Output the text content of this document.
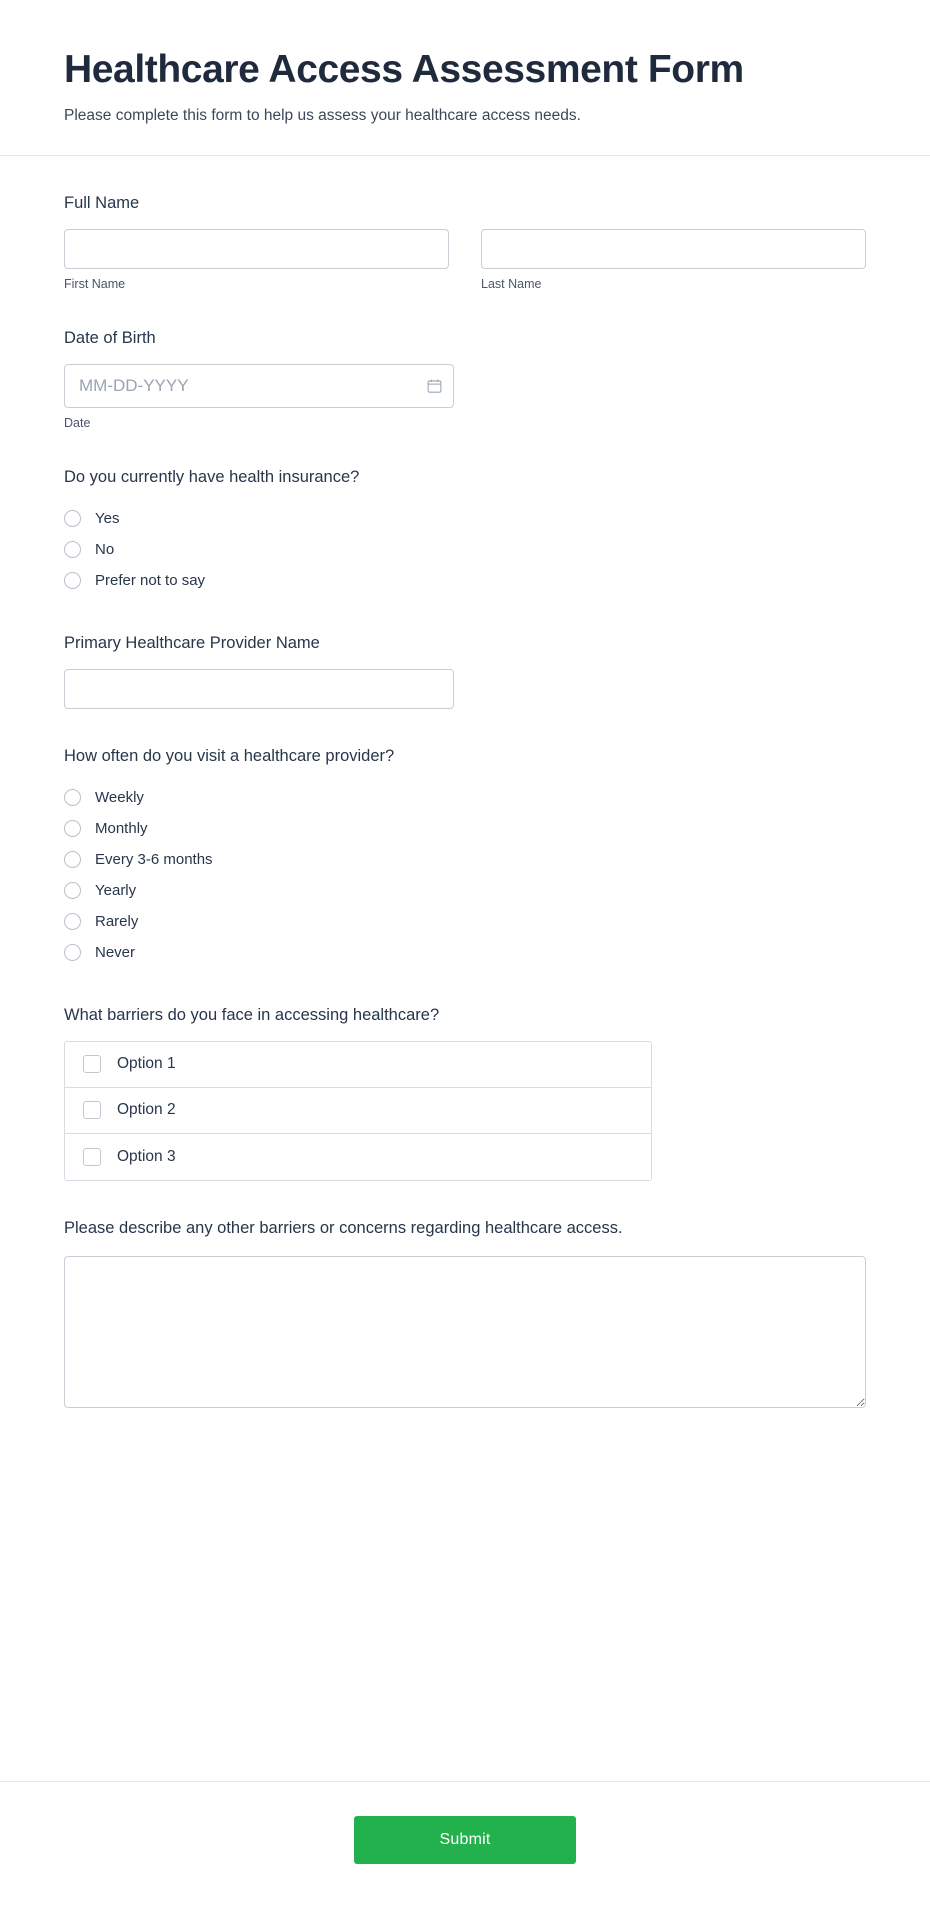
Healthcare Access Assessment Form

Please complete this form to help us assess your healthcare access needs.

Full Name
First Name	Last Name
Date of Birth
MM-DD-YYYY
Date
Do you currently have health insurance?
Yes
No
Prefer not to say
Primary Healthcare Provider Name
How often do you visit a healthcare provider?
Weekly
Monthly
Every 3-6 months
Yearly
Rarely
Never
What barriers do you face in accessing healthcare?
Option 1
Option 2
Option 3
Please describe any other barriers or concerns regarding healthcare access.
Submit
